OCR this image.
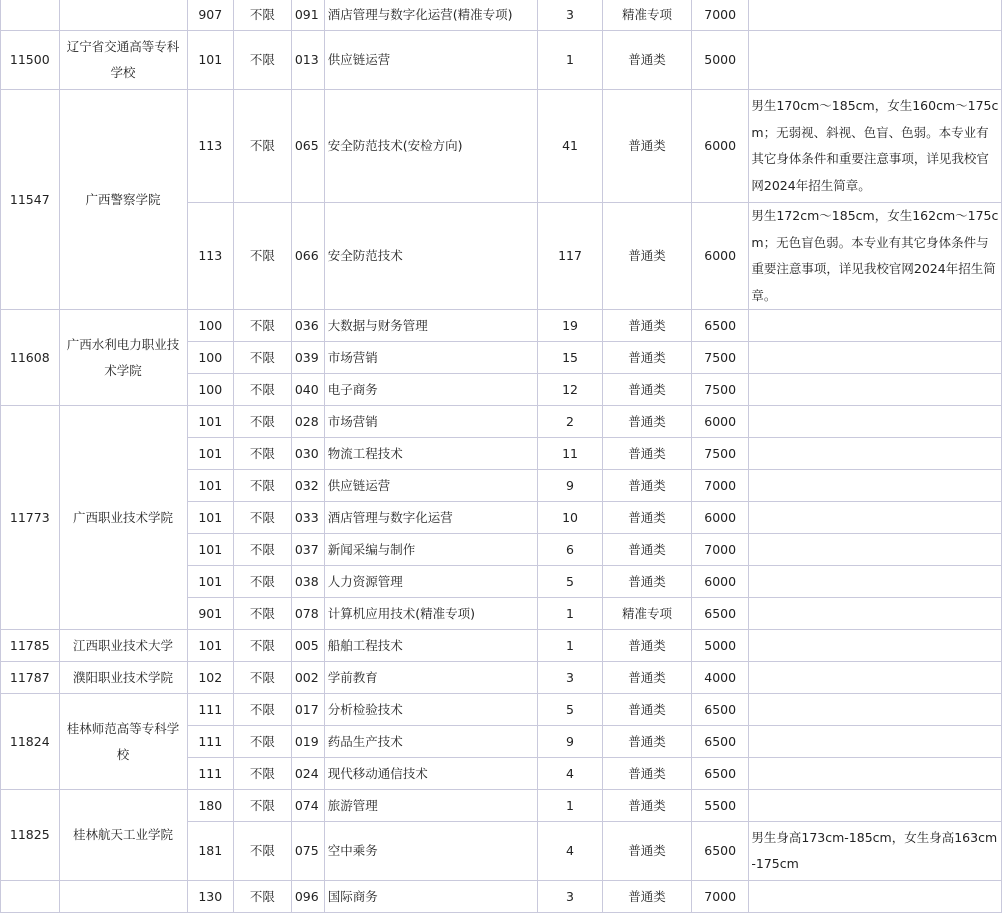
		907	不限	091	酒店管理与数字化运营(精准专项)	3	精准专项	7000	
11500	辽宁省交通高等专科学校	101	不限	013	供应链运营	1	普通类	5000	
11547	广西警察学院	113	不限	065	安全防范技术(安检方向)	41	普通类	6000	男生170cm～185cm，女生160cm～175cm；无弱视、斜视、色盲、色弱。本专业有其它身体条件和重要注意事项，详见我校官网2024年招生简章。
		113	不限	066	安全防范技术	117	普通类	6000	男生172cm～185cm，女生162cm～175cm；无色盲色弱。本专业有其它身体条件与重要注意事项，详见我校官网2024年招生简章。
11608	广西水利电力职业技术学院	100	不限	036	大数据与财务管理	19	普通类	6500	
		100	不限	039	市场营销	15	普通类	7500	
		100	不限	040	电子商务	12	普通类	7500	
11773	广西职业技术学院	101	不限	028	市场营销	2	普通类	6000	
		101	不限	030	物流工程技术	11	普通类	7500	
		101	不限	032	供应链运营	9	普通类	7000	
		101	不限	033	酒店管理与数字化运营	10	普通类	6000	
		101	不限	037	新闻采编与制作	6	普通类	7000	
		101	不限	038	人力资源管理	5	普通类	6000	
		901	不限	078	计算机应用技术(精准专项)	1	精准专项	6500	
11785	江西职业技术大学	101	不限	005	船舶工程技术	1	普通类	5000	
11787	濮阳职业技术学院	102	不限	002	学前教育	3	普通类	4000	
11824	桂林师范高等专科学校	111	不限	017	分析检验技术	5	普通类	6500	
		111	不限	019	药品生产技术	9	普通类	6500	
		111	不限	024	现代移动通信技术	4	普通类	6500	
11825	桂林航天工业学院	180	不限	074	旅游管理	1	普通类	5500	
		181	不限	075	空中乘务	4	普通类	6500	男生身高173cm-185cm，女生身高163cm-175cm
		130	不限	096	国际商务	3	普通类	7000	
